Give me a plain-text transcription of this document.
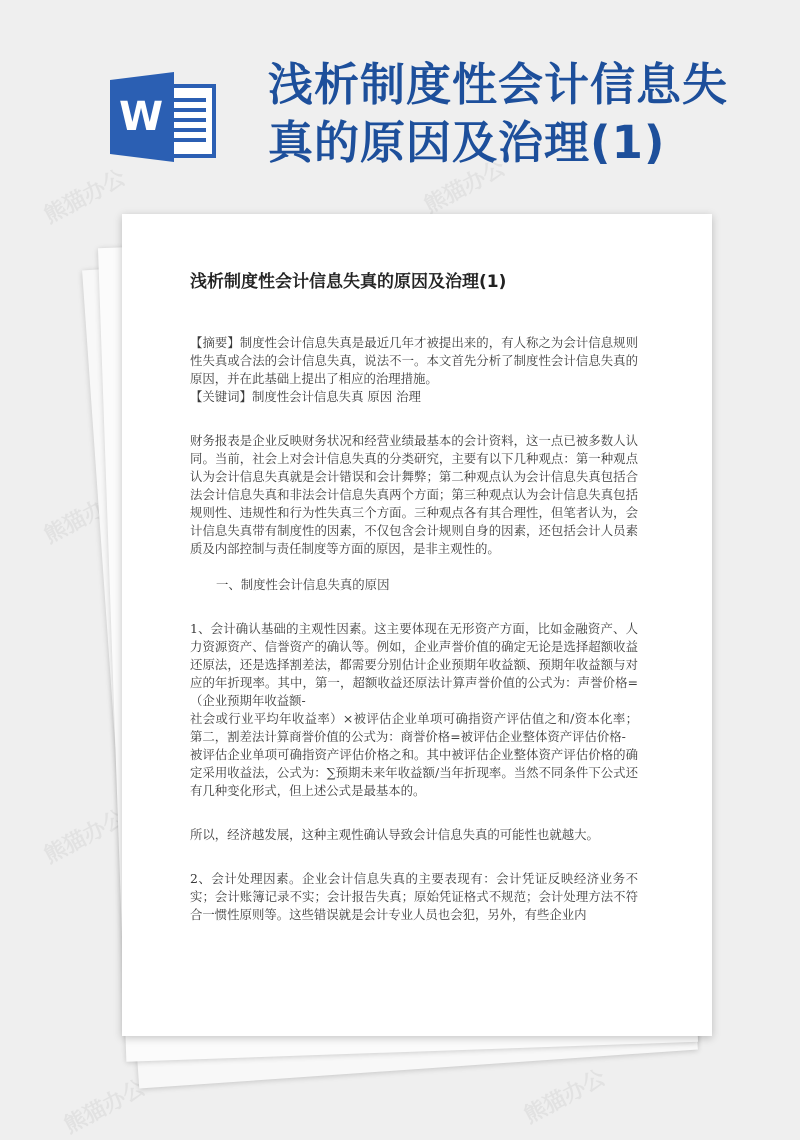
W
浅析制度性会计信息失
真的原因及治理(1)
熊猫办公	熊猫办公
熊猫办公
熊猫办公
熊猫办公	熊猫办公
浅析制度性会计信息失真的原因及治理(1)

【摘要】制度性会计信息失真是最近几年才被提出来的，有人称之为会计信息规则性失真或合法的会计信息失真，说法不一。本文首先分析了制度性会计信息失真的原因，并在此基础上提出了相应的治理措施。

【关键词】制度性会计信息失真 原因 治理

财务报表是企业反映财务状况和经营业绩最基本的会计资料，这一点已被多数人认同。当前，社会上对会计信息失真的分类研究，主要有以下几种观点：第一种观点认为会计信息失真就是会计错误和会计舞弊；第二种观点认为会计信息失真包括合法会计信息失真和非法会计信息失真两个方面；第三种观点认为会计信息失真包括规则性、违规性和行为性失真三个方面。三种观点各有其合理性，但笔者认为，会计信息失真带有制度性的因素，不仅包含会计规则自身的因素，还包括会计人员素质及内部控制与责任制度等方面的原因，是非主观性的。

一、制度性会计信息失真的原因

1、会计确认基础的主观性因素。这主要体现在无形资产方面，比如金融资产、人力资源资产、信誉资产的确认等。例如，企业声誉价值的确定无论是选择超额收益还原法，还是选择割差法，都需要分别估计企业预期年收益额、预期年收益额与对应的年折现率。其中，第一，超额收益还原法计算声誉价值的公式为：声誉价格=（企业预期年收益额-

社会或行业平均年收益率）×被评估企业单项可确指资产评估值之和/资本化率；第二，割差法计算商誉价值的公式为：商誉价格=被评估企业整体资产评估价格-

被评估企业单项可确指资产评估价格之和。其中被评估企业整体资产评估价格的确定采用收益法，公式为：∑预期未来年收益额/当年折现率。当然不同条件下公式还有几种变化形式，但上述公式是最基本的。

所以，经济越发展，这种主观性确认导致会计信息失真的可能性也就越大。

2、会计处理因素。企业会计信息失真的主要表现有：会计凭证反映经济业务不实；会计账簿记录不实；会计报告失真；原始凭证格式不规范；会计处理方法不符合一惯性原则等。这些错误就是会计专业人员也会犯，另外，有些企业内
